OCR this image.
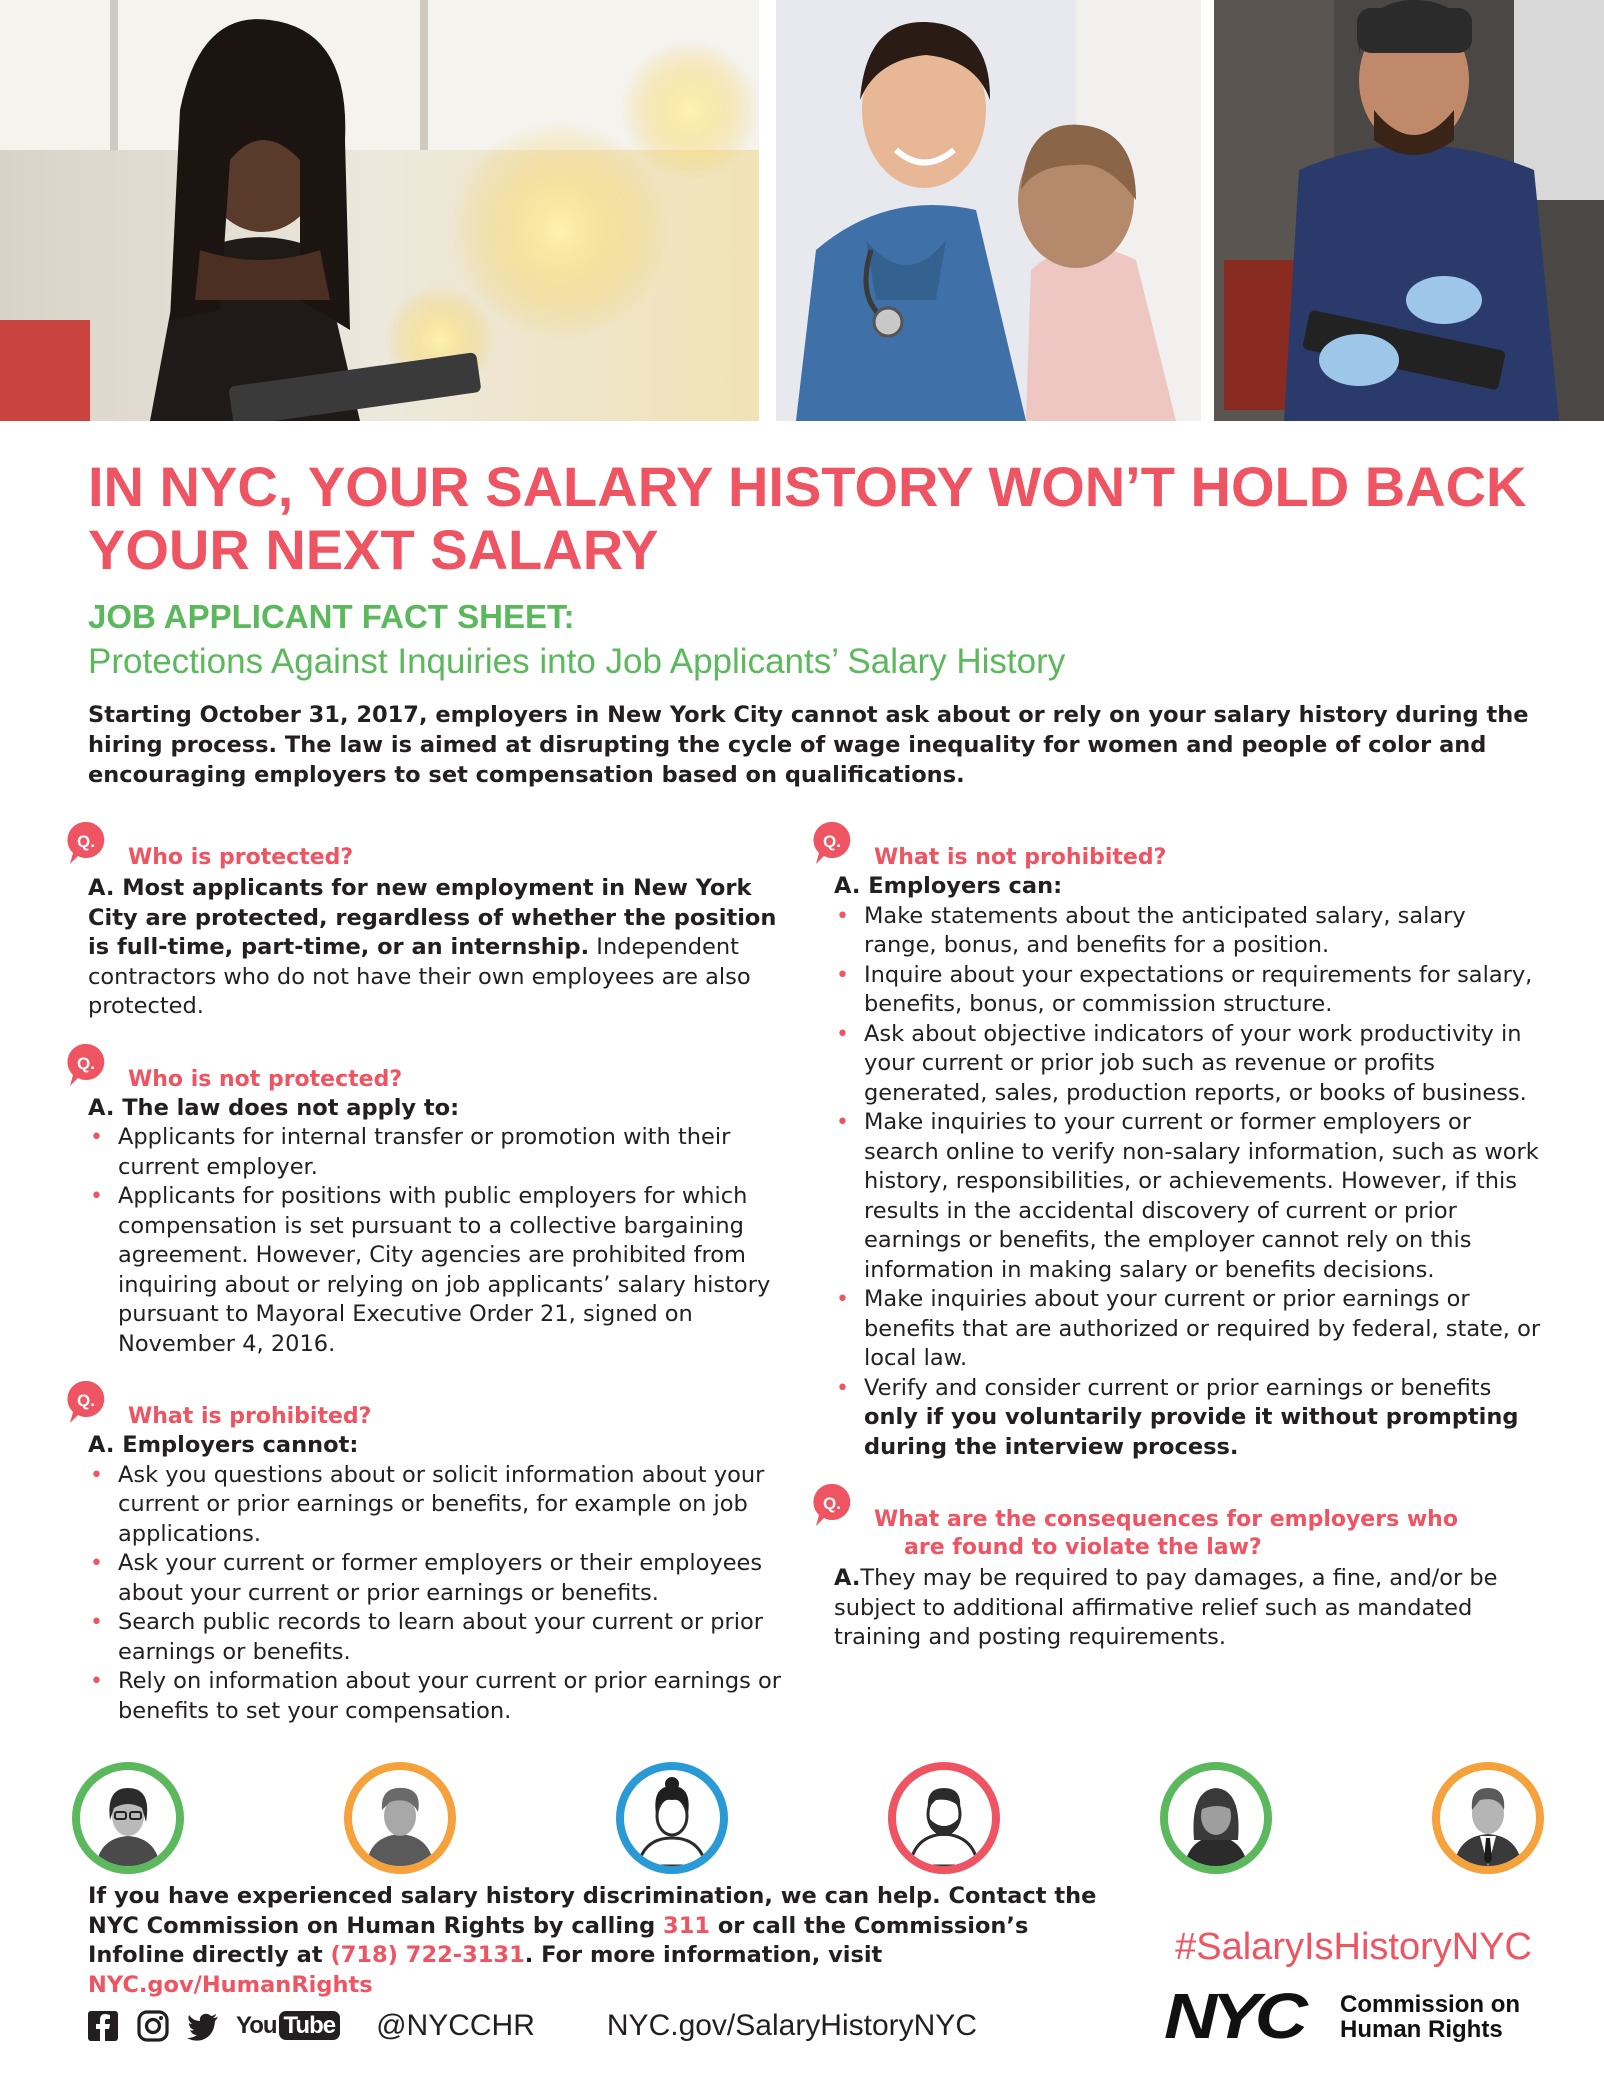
IN NYC, YOUR SALARY HISTORY WON’T HOLD BACK YOUR NEXT SALARY
JOB APPLICANT FACT SHEET:
Protections Against Inquiries into Job Applicants’ Salary History

Starting October 31, 2017, employers in New York City cannot ask about or rely on your salary history during the hiring process. The law is aimed at disrupting the cycle of wage inequality for women and people of color and encouraging employers to set compensation based on qualifications.

Q.
Who is protected?

A. Most applicants for new employment in New York City are protected, regardless of whether the position is full-time, part-time, or an internship. Independent contractors who do not have their own employees are also protected.

Q.
Who is not protected?
A. The law does not apply to:
• Applicants for internal transfer or promotion with their current employer.
• Applicants for positions with public employers for which compensation is set pursuant to a collective bargaining agreement. However, City agencies are prohibited from inquiring about or relying on job applicants’ salary history pursuant to Mayoral Executive Order 21, signed on November 4, 2016.
Q.
What is prohibited?
A. Employers cannot:
• Ask you questions about or solicit information about your current or prior earnings or benefits, for example on job applications.
• Ask your current or former employers or their employees about your current or prior earnings or benefits.
• Search public records to learn about your current or prior earnings or benefits.
• Rely on information about your current or prior earnings or benefits to set your compensation.
Q.
What is not prohibited?
A. Employers can:
• Make statements about the anticipated salary, salary range, bonus, and benefits for a position.
• Inquire about your expectations or requirements for salary, benefits, bonus, or commission structure.
• Ask about objective indicators of your work productivity in your current or prior job such as revenue or profits generated, sales, production reports, or books of business.
• Make inquiries to your current or former employers or search online to verify non-salary information, such as work history, responsibilities, or achievements. However, if this results in the accidental discovery of current or prior earnings or benefits, the employer cannot rely on this information in making salary or benefits decisions.
• Make inquiries about your current or prior earnings or benefits that are authorized or required by federal, state, or local law.
• Verify and consider current or prior earnings or benefits only if you voluntarily provide it without prompting during the interview process.
Q.
What are the consequences for employers who
are found to violate the law?

A.They may be required to pay damages, a fine, and/or be subject to additional affirmative relief such as mandated training and posting requirements.

If you have experienced salary history discrimination, we can help. Contact the NYC Commission on Human Rights by calling 311 or call the Commission’s Infoline directly at (718) 722-3131. For more information, visit NYC.gov/HumanRights

#SalaryIsHistoryNYC
You Tube @NYCCHR NYC.gov/SalaryHistoryNYC	NYC Commission on
Human Rights
